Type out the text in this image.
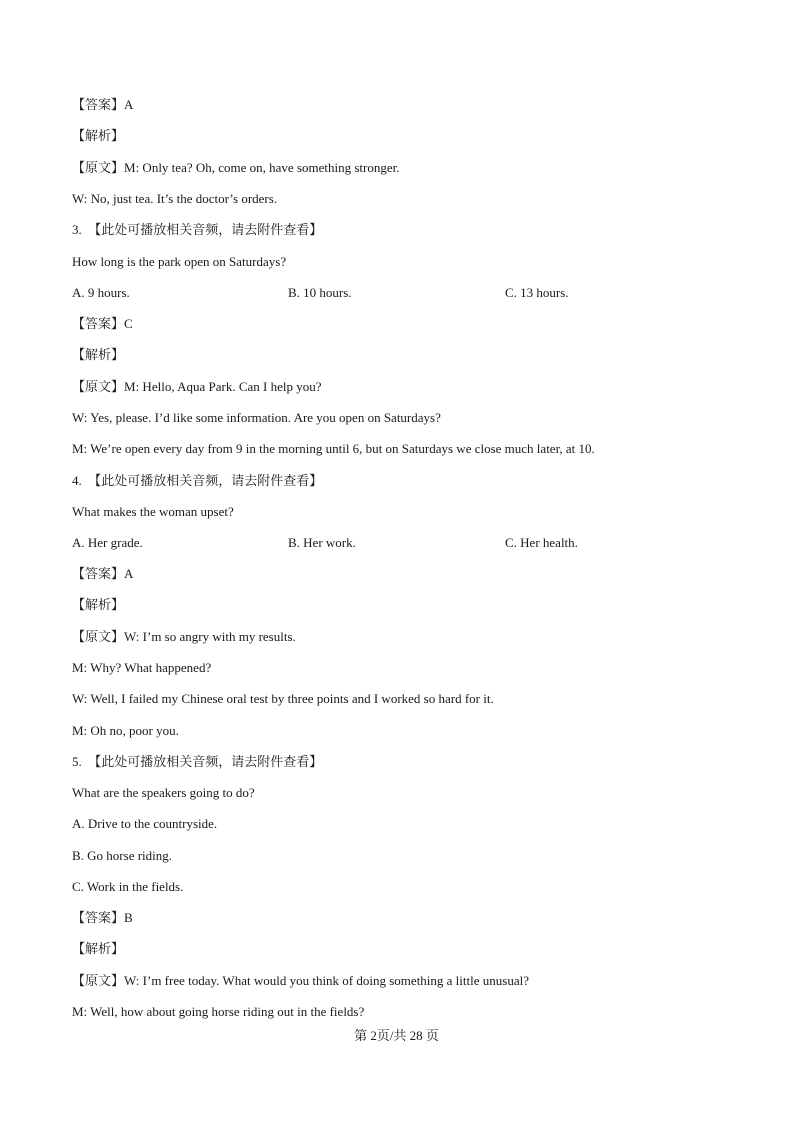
【答案】A
【解析】
【原文】M: Only tea? Oh, come on, have something stronger.
W: No, just tea. It’s the doctor’s orders.
3. 【此处可播放相关音频，请去附件查看】
How long is the park open on Saturdays?
A. 9 hours.	B. 10 hours.	C. 13 hours.
【答案】C
【解析】
【原文】M: Hello, Aqua Park. Can I help you?
W: Yes, please. I’d like some information. Are you open on Saturdays?
M: We’re open every day from 9 in the morning until 6, but on Saturdays we close much later, at 10.
4. 【此处可播放相关音频，请去附件查看】
What makes the woman upset?
A. Her grade.	B. Her work.	C. Her health.
【答案】A
【解析】
【原文】W: I’m so angry with my results.
M: Why? What happened?
W: Well, I failed my Chinese oral test by three points and I worked so hard for it.
M: Oh no, poor you.
5. 【此处可播放相关音频，请去附件查看】
What are the speakers going to do?
A. Drive to the countryside.
B. Go horse riding.
C. Work in the fields.
【答案】B
【解析】
【原文】W: I’m free today. What would you think of doing something a little unusual?
M: Well, how about going horse riding out in the fields?
第 2页/共 28 页
